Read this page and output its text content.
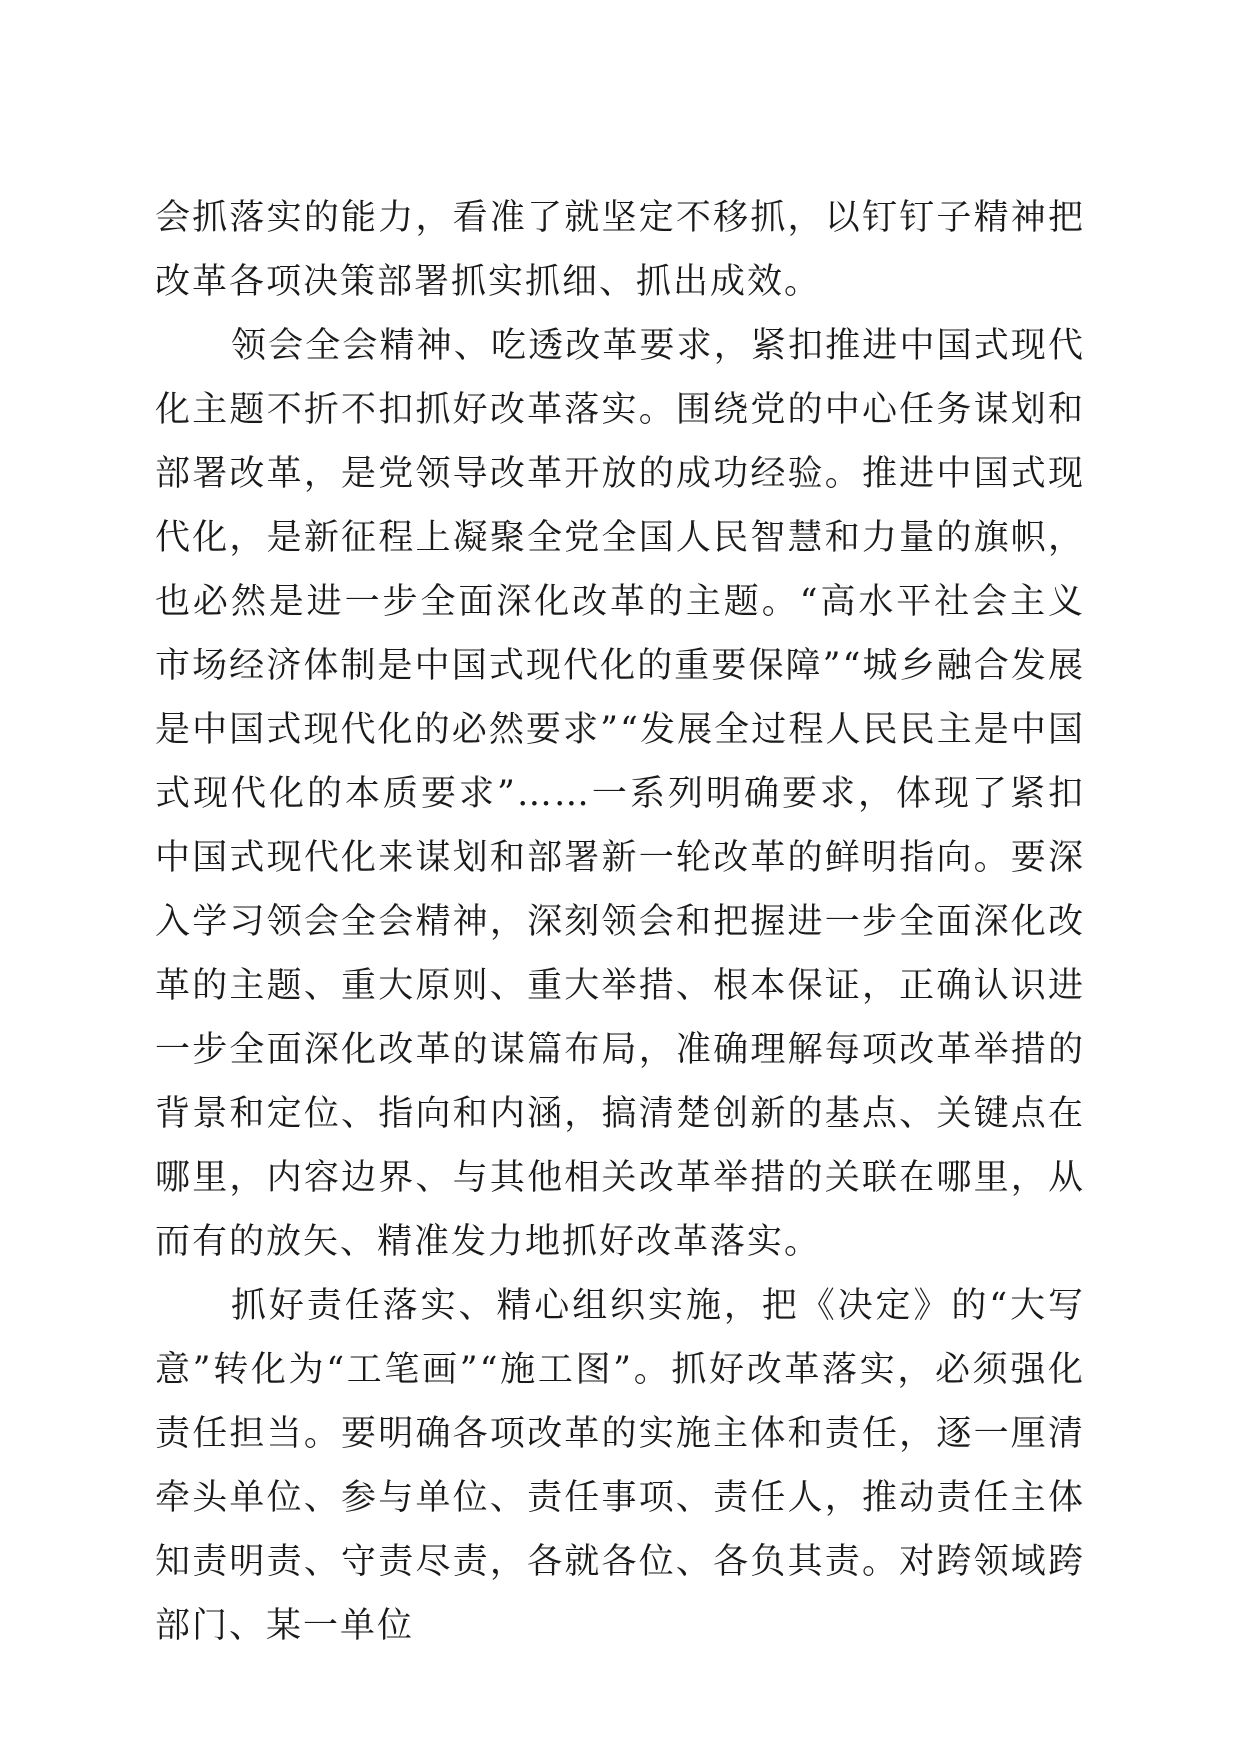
会抓落实的能力，看准了就坚定不移抓，以钉钉子精神把改革各项决策部署抓实抓细、抓出成效。

领会全会精神、吃透改革要求，紧扣推进中国式现代化主题不折不扣抓好改革落实。围绕党的中心任务谋划和部署改革，是党领导改革开放的成功经验。推进中国式现代化，是新征程上凝聚全党全国人民智慧和力量的旗帜，也必然是进一步全面深化改革的主题。“高水平社会主义市场经济体制是中国式现代化的重要保障”“城乡融合发展是中国式现代化的必然要求”“发展全过程人民民主是中国式现代化的本质要求”……一系列明确要求，体现了紧扣中国式现代化来谋划和部署新一轮改革的鲜明指向。要深入学习领会全会精神，深刻领会和把握进一步全面深化改革的主题、重大原则、重大举措、根本保证，正确认识进一步全面深化改革的谋篇布局，准确理解每项改革举措的背景和定位、指向和内涵，搞清楚创新的基点、关键点在哪里，内容边界、与其他相关改革举措的关联在哪里，从而有的放矢、精准发力地抓好改革落实。

抓好责任落实、精心组织实施，把《决定》的“大写意”转化为“工笔画”“施工图”。抓好改革落实，必须强化责任担当。要明确各项改革的实施主体和责任，逐一厘清牵头单位、参与单位、责任事项、责任人，推动责任主体知责明责、守责尽责，各就各位、各负其责。对跨领域跨部门、某一单位
